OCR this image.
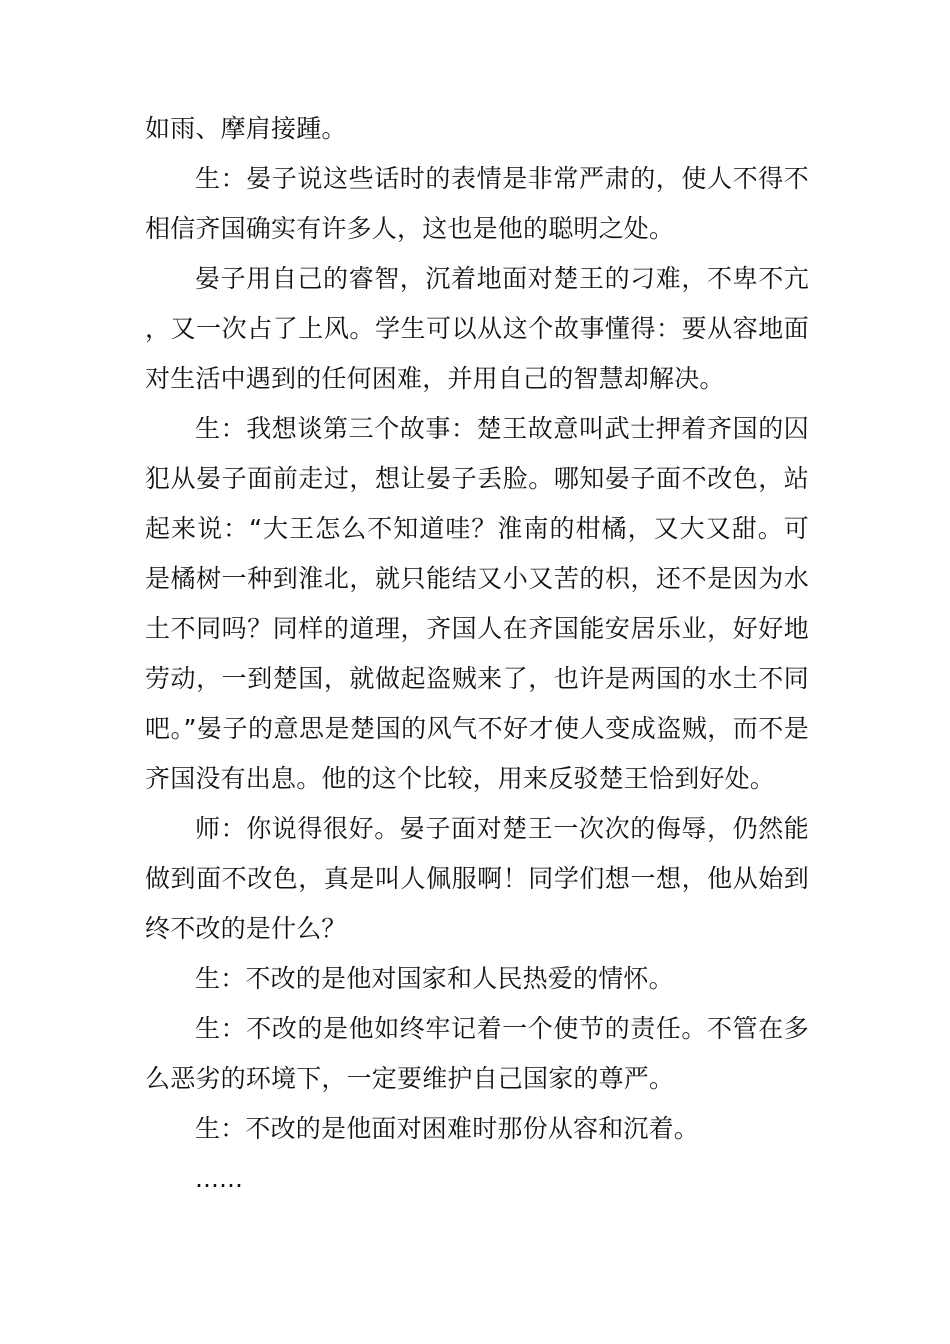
如雨、摩肩接踵。

生：晏子说这些话时的表情是非常严肃的，使人不得不相信齐国确实有许多人，这也是他的聪明之处。

晏子用自己的睿智，沉着地面对楚王的刁难，不卑不亢，又一次占了上风。学生可以从这个故事懂得：要从容地面对生活中遇到的任何困难，并用自己的智慧却解决。

生：我想谈第三个故事：楚王故意叫武士押着齐国的囚犯从晏子面前走过，想让晏子丢脸。哪知晏子面不改色，站起来说：“大王怎么不知道哇？淮南的柑橘，又大又甜。可是橘树一种到淮北，就只能结又小又苦的枳，还不是因为水土不同吗？同样的道理，齐国人在齐国能安居乐业，好好地劳动，一到楚国，就做起盗贼来了，也许是两国的水土不同吧。”晏子的意思是楚国的风气不好才使人变成盗贼，而不是齐国没有出息。他的这个比较，用来反驳楚王恰到好处。

师：你说得很好。晏子面对楚王一次次的侮辱，仍然能做到面不改色，真是叫人佩服啊！同学们想一想，他从始到终不改的是什么？

生：不改的是他对国家和人民热爱的情怀。

生：不改的是他如终牢记着一个使节的责任。不管在多么恶劣的环境下，一定要维护自己国家的尊严。

生：不改的是他面对困难时那份从容和沉着。

……
